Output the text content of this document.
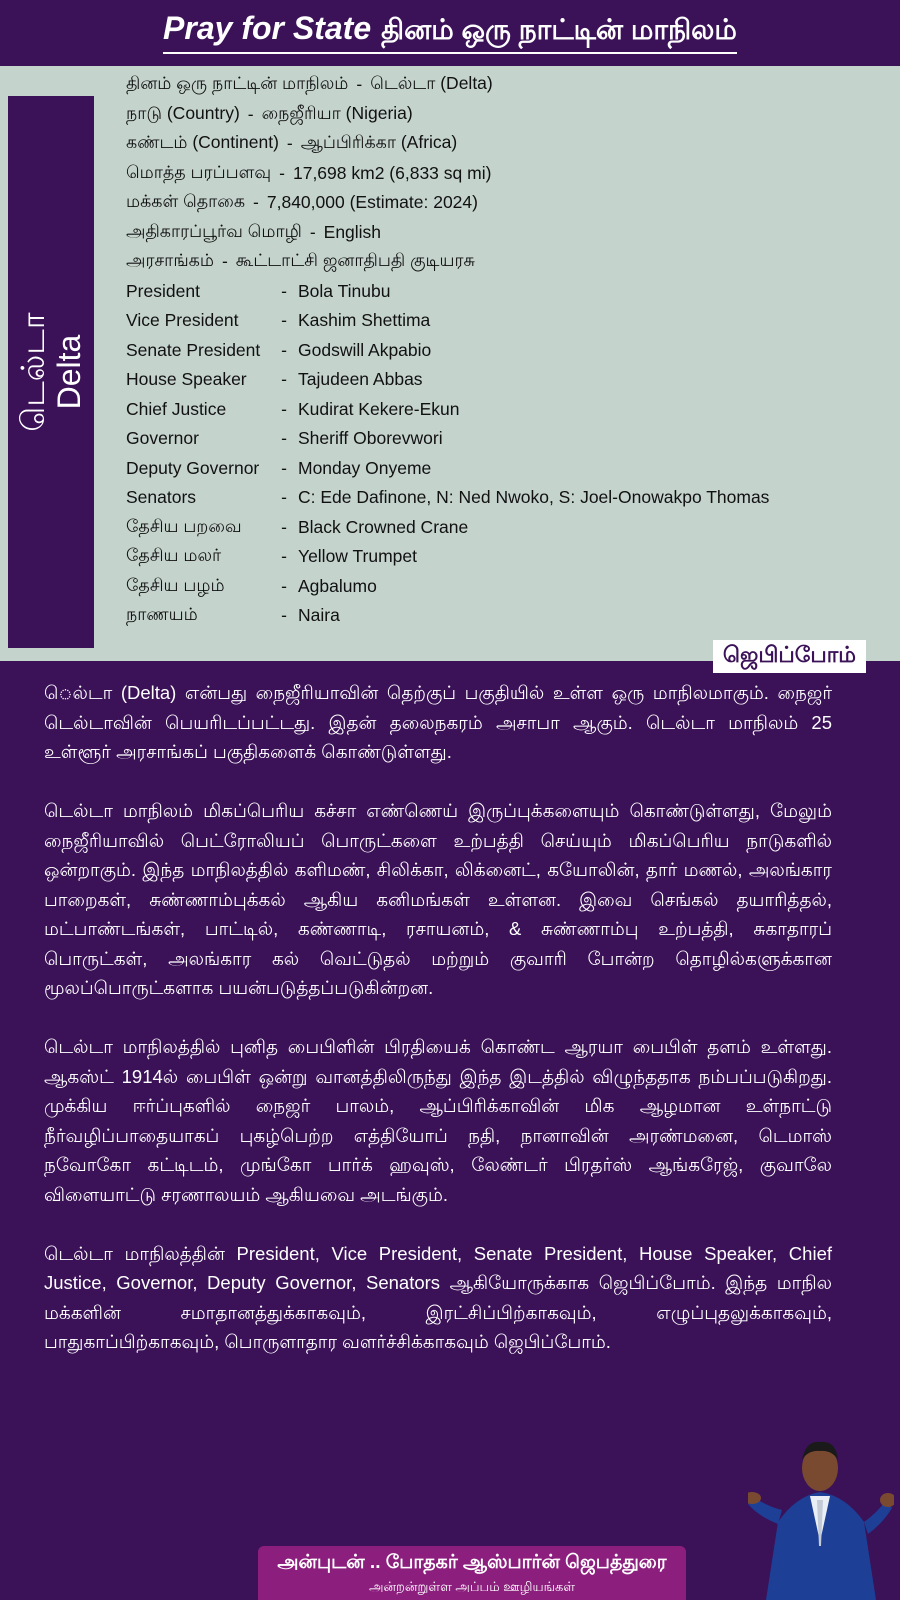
Pray for State தினம் ஒரு நாட்டின் மாநிலம்
டெல்டா Delta
தினம் ஒரு நாட்டின் மாநிலம் - டெல்டா (Delta)
நாடு (Country) - நைஜீரியா (Nigeria)
கண்டம் (Continent) - ஆப்பிரிக்கா (Africa)
மொத்த பரப்பளவு - 17,698 km2 (6,833 sq mi)
மக்கள் தொகை - 7,840,000 (Estimate: 2024)
அதிகாரப்பூர்வ மொழி - English
அரசாங்கம் - கூட்டாட்சி ஜனாதிபதி குடியரசு
President	- Bola Tinubu
Vice President	- Kashim Shettima
Senate President	- Godswill Akpabio
House Speaker	- Tajudeen Abbas
Chief Justice	- Kudirat Kekere-Ekun
Governor	- Sheriff Oborevwori
Deputy Governor	- Monday Onyeme
Senators	- C: Ede Dafinone, N: Ned Nwoko, S: Joel-Onowakpo Thomas
தேசிய பறவை	- Black Crowned Crane
தேசிய மலர்	- Yellow Trumpet
தேசிய பழம்	- Agbalumo
நாணயம்	- Naira
ஜெபிப்போம்

ெல்டா (Delta) என்பது நைஜீரியாவின் தெற்குப் பகுதியில் உள்ள ஒரு மாநிலமாகும். நைஜர் டெல்டாவின் பெயரிடப்பட்டது. இதன் தலைநகரம் அசாபா ஆகும். டெல்டா மாநிலம் 25 உள்ளூர் அரசாங்கப் பகுதிகளைக் கொண்டுள்ளது.

டெல்டா மாநிலம் மிகப்பெரிய கச்சா எண்ணெய் இருப்புக்களையும் கொண்டுள்ளது, மேலும் நைஜீரியாவில் பெட்ரோலியப் பொருட்களை உற்பத்தி செய்யும் மிகப்பெரிய நாடுகளில் ஒன்றாகும். இந்த மாநிலத்தில் களிமண், சிலிக்கா, லிக்னைட், கயோலின், தார் மணல், அலங்கார பாறைகள், சுண்ணாம்புக்கல் ஆகிய கனிமங்கள் உள்ளன. இவை செங்கல் தயாரித்தல், மட்பாண்டங்கள், பாட்டில், கண்ணாடி, ரசாயனம், & சுண்ணாம்பு உற்பத்தி, சுகாதாரப் பொருட்கள், அலங்கார கல் வெட்டுதல் மற்றும் குவாரி போன்ற தொழில்களுக்கான மூலப்பொருட்களாக பயன்படுத்தப்படுகின்றன.

டெல்டா மாநிலத்தில் புனித பைபிளின் பிரதியைக் கொண்ட ஆரயா பைபிள் தளம் உள்ளது. ஆகஸ்ட் 1914ல் பைபிள் ஒன்று வானத்திலிருந்து இந்த இடத்தில் விழுந்ததாக நம்பப்படுகிறது. முக்கிய ஈர்ப்புகளில் நைஜர் பாலம், ஆப்பிரிக்காவின் மிக ஆழமான உள்நாட்டு நீர்வழிப்பாதையாகப் புகழ்பெற்ற எத்தியோப் நதி, நானாவின் அரண்மனை, டெமாஸ் நவோகோ கட்டிடம், முங்கோ பார்க் ஹவுஸ், லேண்டர் பிரதர்ஸ் ஆங்கரேஜ், குவாலே விளையாட்டு சரணாலயம் ஆகியவை அடங்கும்.

டெல்டா மாநிலத்தின் President, Vice President, Senate President, House Speaker, Chief Justice, Governor, Deputy Governor, Senators ஆகியோருக்காக ஜெபிப்போம். இந்த மாநில மக்களின் சமாதானத்துக்காகவும், இரட்சிப்பிற்காகவும், எழுப்புதலுக்காகவும், பாதுகாப்பிற்காகவும், பொருளாதார வளர்ச்சிக்காகவும் ஜெபிப்போம்.

அன்புடன் .. போதகர் ஆஸ்பார்ன் ஜெபத்துரை
அன்றன்றுள்ள அப்பம் ஊழியங்கள்
